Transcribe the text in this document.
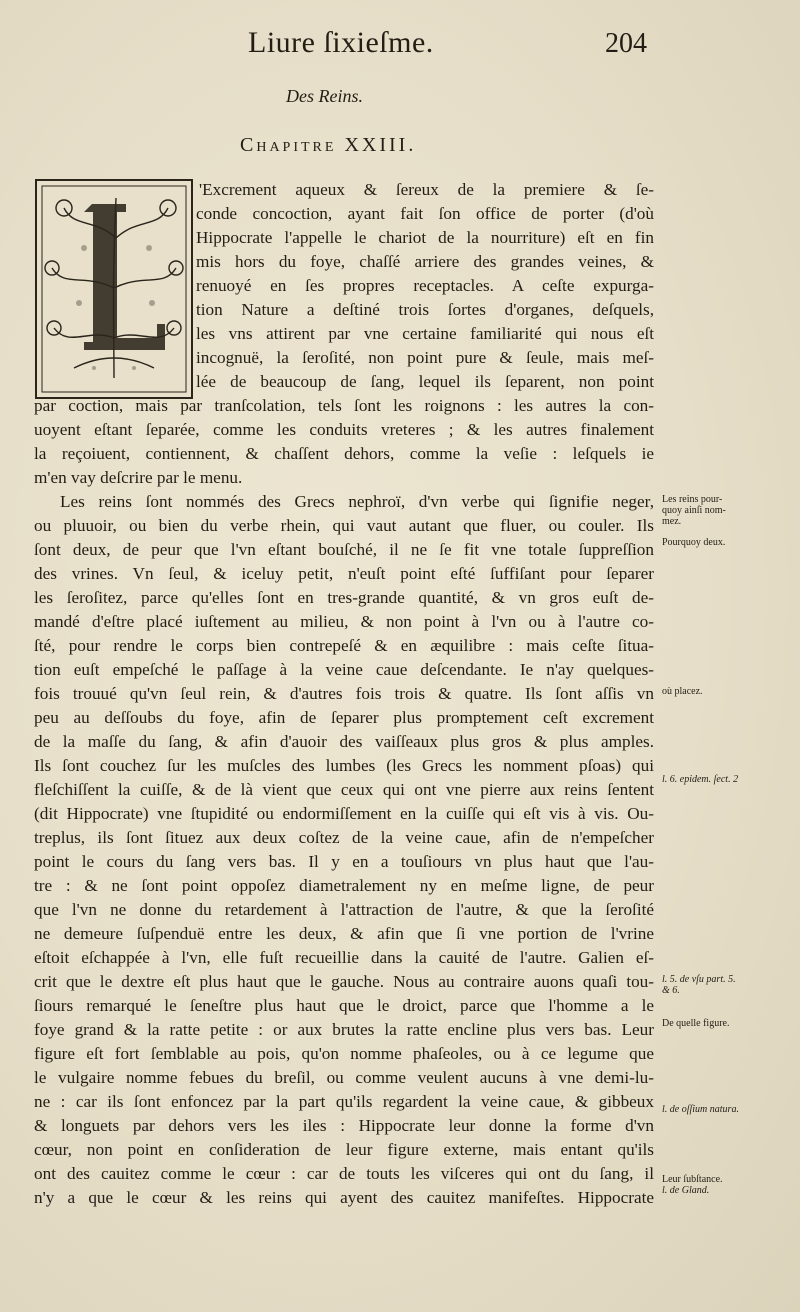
Liure ſixieſme.	204
Des Reins.
Chapitre XXIII.
'Excrement aqueux & ſereux de la premiere & ſe-
conde concoction, ayant fait ſon office de porter (d'où
Hippocrate l'appelle le chariot de la nourriture) eſt en fin
mis hors du foye, chaſſé arriere des grandes veines, &
renuoyé en ſes propres receptacles. A ceſte expurga-
tion Nature a deſtiné trois ſortes d'organes, deſquels,
les vns attirent par vne certaine familiarité qui nous eſt
incognuë, la ſeroſité, non point pure & ſeule, mais meſ-
lée de beaucoup de ſang, lequel ils ſeparent, non point
par coction, mais par tranſcolation, tels ſont les roignons : les autres la con-
uoyent eſtant ſeparée, comme les conduits vreteres ; & les autres finalement
la reçoiuent, contiennent, & chaſſent dehors, comme la veſie : leſquels ie
m'en vay deſcrire par le menu.
Les reins ſont nommés des Grecs nephroï, d'vn verbe qui ſignifie neger,
ou pluuoir, ou bien du verbe rhein, qui vaut autant que fluer, ou couler. Ils
ſont deux, de peur que l'vn eſtant bouſché, il ne ſe fit vne totale ſuppreſſion
des vrines. Vn ſeul, & iceluy petit, n'euſt point eſté ſuffiſant pour ſeparer
les ſeroſitez, parce qu'elles ſont en tres-grande quantité, & vn gros euſt de-
mandé d'eſtre placé iuſtement au milieu, & non point à l'vn ou à l'autre co-
ſté, pour rendre le corps bien contrepeſé & en æquilibre : mais ceſte ſitua-
tion euſt empeſché le paſſage à la veine caue deſcendante. Ie n'ay quelques-
fois trouué qu'vn ſeul rein, & d'autres fois trois & quatre. Ils ſont aſſis vn
peu au deſſoubs du foye, afin de ſeparer plus promptement ceſt excrement
de la maſſe du ſang, & afin d'auoir des vaiſſeaux plus gros & plus amples.
Ils ſont couchez ſur les muſcles des lumbes (les Grecs les nomment pſoas) qui
fleſchiſſent la cuiſſe, & de là vient que ceux qui ont vne pierre aux reins ſentent
(dit Hippocrate) vne ſtupidité ou endormiſſement en la cuiſſe qui eſt vis à vis. Ou-
treplus, ils ſont ſituez aux deux coſtez de la veine caue, afin de n'empeſcher
point le cours du ſang vers bas. Il y en a touſiours vn plus haut que l'au-
tre : & ne ſont point oppoſez diametralement ny en meſme ligne, de peur
que l'vn ne donne du retardement à l'attraction de l'autre, & que la ſeroſité
ne demeure ſuſpenduë entre les deux, & afin que ſi vne portion de l'vrine
eſtoit eſchappée à l'vn, elle fuſt recueillie dans la cauité de l'autre. Galien eſ-
crit que le dextre eſt plus haut que le gauche. Nous au contraire auons quaſi tou-
ſiours remarqué le ſeneſtre plus haut que le droict, parce que l'homme a le
foye grand & la ratte petite : or aux brutes la ratte encline plus vers bas. Leur
figure eſt fort ſemblable au pois, qu'on nomme phaſeoles, ou à ce legume que
le vulgaire nomme febues du breſil, ou comme veulent aucuns à vne demi-lu-
ne : car ils ſont enfoncez par la part qu'ils regardent la veine caue, & gibbeux
& longuets par dehors vers les iles : Hippocrate leur donne la forme d'vn
cœur, non point en conſideration de leur figure externe, mais entant qu'ils
ont des cauitez comme le cœur : car de touts les viſceres qui ont du ſang, il
n'y a que le cœur & les reins qui ayent des cauitez manifeſtes. Hippocrate
Les reins pour-
quoy ainſi nom-
mez.
Pourquoy deux.
où placez.
l. 6. epidem. ſect. 2
l. 5. de vſu part. 5.
& 6.
De quelle figure.
l. de oſſium natura.
Leur ſubſtance.
l. de Gland.
